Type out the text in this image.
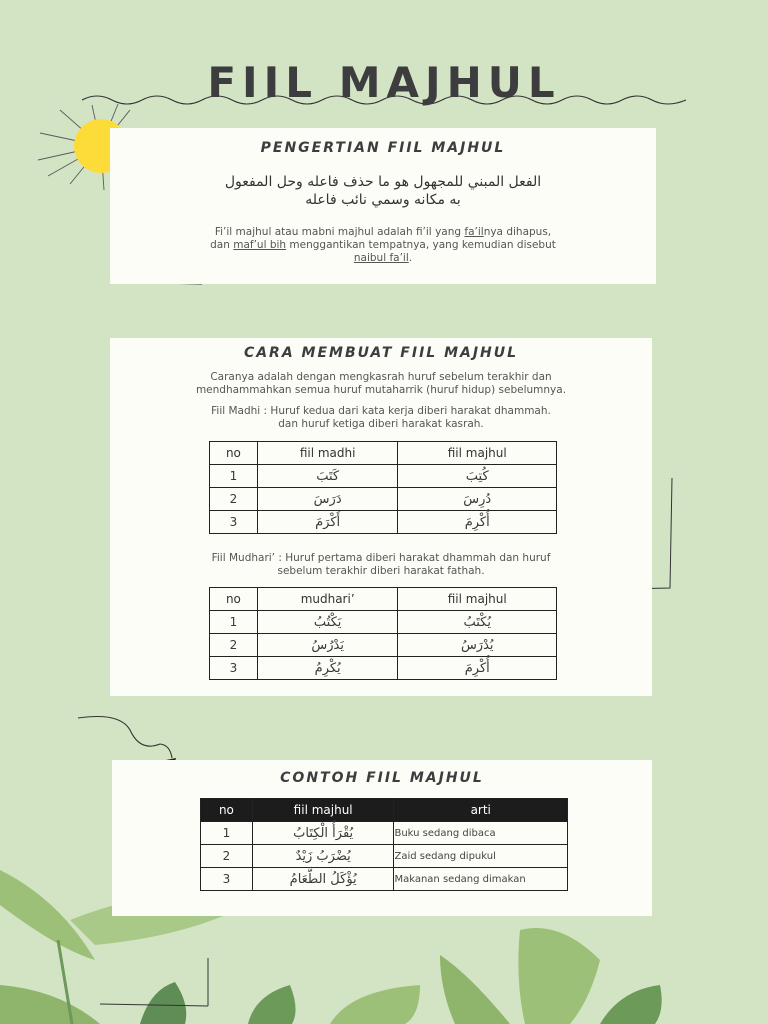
FIIL MAJHUL
PENGERTIAN FIIL MAJHUL
الفعل المبني للمجهول هو ما حذف فاعله وحل المفعول
به مكانه وسمي نائب فاعله
Fi’il majhul atau mabni majhul adalah fi’il yang fa’ilnya dihapus,
dan maf’ul bih menggantikan tempatnya, yang kemudian disebut
naibul fa’il.
CARA MEMBUAT FIIL MAJHUL
Caranya adalah dengan mengkasrah huruf sebelum terakhir dan
mendhammahkan semua huruf mutaharrik (huruf hidup) sebelumnya.
Fiil Madhi : Huruf kedua dari kata kerja diberi harakat dhammah.
dan huruf ketiga diberi harakat kasrah.
Fiil Mudhari’ : Huruf pertama diberi harakat dhammah dan huruf
sebelum terakhir diberi harakat fathah.
no	fiil madhi	fiil majhul
1	كَتَبَ	كُتِبَ
2	دَرَسَ	دُرِسَ
3	أَكْرَمَ	أُكْرِمَ
no	mudhari’	fiil majhul
1	يَكْتُبُ	يُكْتَبُ
2	يَدْرُسُ	يُدْرَسُ
3	يُكْرِمُ	أُكْرِمَ
CONTOH FIIL MAJHUL
no	fiil majhul	arti
1	يُقْرَأُ الْكِتَابُ	Buku sedang dibaca
2	يُضْرَبُ زَيْدٌ	Zaid sedang dipukul
3	يُؤْكَلُ الطَّعَامُ	Makanan sedang dimakan
